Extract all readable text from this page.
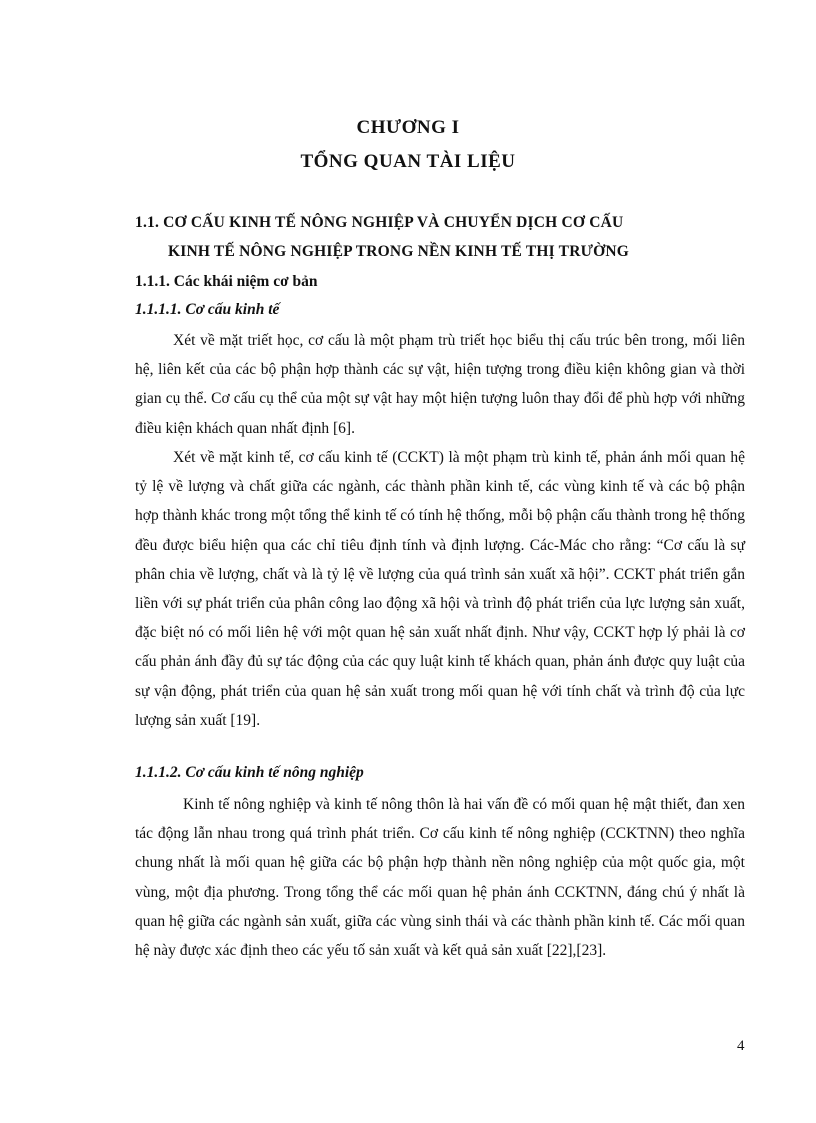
CHƯƠNG I
TỔNG QUAN TÀI LIỆU
1.1. CƠ CẤU KINH TẾ NÔNG NGHIỆP VÀ CHUYỂN DỊCH CƠ CẤU
KINH TẾ NÔNG NGHIỆP TRONG NỀN KINH TẾ THỊ TRƯỜNG
1.1.1. Các khái niệm cơ bản
1.1.1.1. Cơ cấu kinh tế

Xét về mặt triết học, cơ cấu là một phạm trù triết học biểu thị cấu trúc bên trong, mối liên hệ, liên kết của các bộ phận hợp thành các sự vật, hiện tượng trong điều kiện không gian và thời gian cụ thể. Cơ cấu cụ thể của một sự vật hay một hiện tượng luôn thay đổi để phù hợp với những điều kiện khách quan nhất định [6].

Xét về mặt kinh tế, cơ cấu kinh tế (CCKT) là một phạm trù kinh tế, phản ánh mối quan hệ tỷ lệ về lượng và chất giữa các ngành, các thành phần kinh tế, các vùng kinh tế và các bộ phận hợp thành khác trong một tổng thể kinh tế có tính hệ thống, mỗi bộ phận cấu thành trong hệ thống đều được biểu hiện qua các chỉ tiêu định tính và định lượng. Các-Mác cho rằng: “Cơ cấu là sự phân chia về lượng, chất và là tỷ lệ về lượng của quá trình sản xuất xã hội”. CCKT phát triển gắn liền với sự phát triển của phân công lao động xã hội và trình độ phát triển của lực lượng sản xuất, đặc biệt nó có mối liên hệ với một quan hệ sản xuất nhất định. Như vậy, CCKT hợp lý phải là cơ cấu phản ánh đầy đủ sự tác động của các quy luật kinh tế khách quan, phản ánh được quy luật của sự vận động, phát triển của quan hệ sản xuất trong mối quan hệ với tính chất và trình độ của lực lượng sản xuất [19].

1.1.1.2. Cơ cấu kinh tế nông nghiệp

Kinh tế nông nghiệp và kinh tế nông thôn là hai vấn đề có mối quan hệ mật thiết, đan xen tác động lẫn nhau trong quá trình phát triển. Cơ cấu kinh tế nông nghiệp (CCKTNN) theo nghĩa chung nhất là mối quan hệ giữa các bộ phận hợp thành nền nông nghiệp của một quốc gia, một vùng, một địa phương. Trong tổng thể các mối quan hệ phản ánh CCKTNN, đáng chú ý nhất là quan hệ giữa các ngành sản xuất, giữa các vùng sinh thái và các thành phần kinh tế. Các mối quan hệ này được xác định theo các yếu tố sản xuất và kết quả sản xuất [22],[23].

4
